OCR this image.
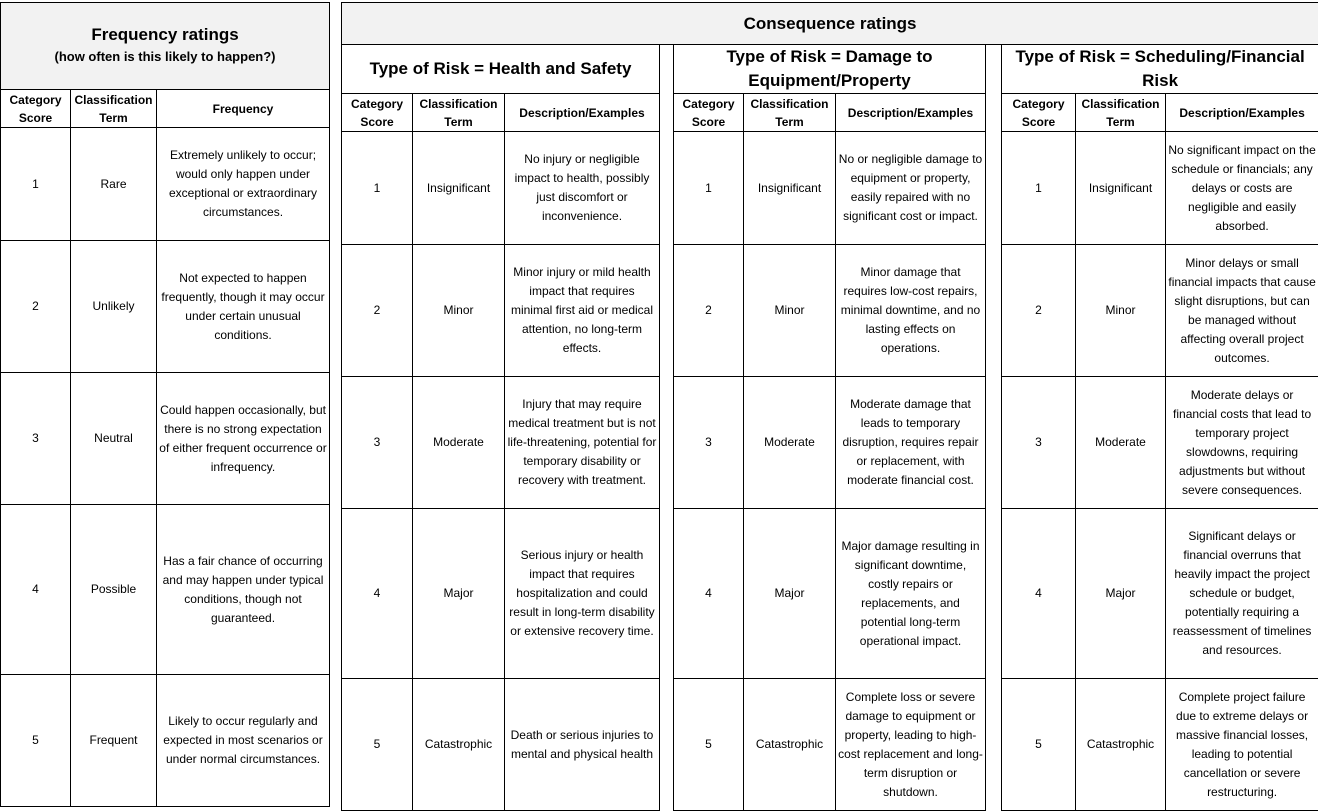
Frequency ratings

(how often is this likely to happen?)		

Category Score	Classification Term	Frequency
1	Rare	Extremely unlikely to occur; would only happen under exceptional or extraordinary circumstances.
2	Unlikely	Not expected to happen frequently, though it may occur under certain unusual conditions.
3	Neutral	Could happen occasionally, but there is no strong expectation of either frequent occurrence or infrequency.
4	Possible	Has a fair chance of occurring and may happen under typical conditions, though not guaranteed.
5	Frequent	Likely to occur regularly and expected in most scenarios or under normal circumstances.
Consequence ratings										
Type of Risk = Health and Safety				Type of Risk = Damage to Equipment/Property				Type of Risk = Scheduling/Financial Risk		
Category Score	Classification Term	Description/Examples		Category Score	Classification Term	Description/Examples		Category Score	Classification Term	Description/Examples
1	Insignificant	No injury or negligible impact to health, possibly just discomfort or inconvenience.		1	Insignificant	No or negligible damage to equipment or property, easily repaired with no significant cost or impact.		1	Insignificant	No significant impact on the schedule or financials; any delays or costs are negligible and easily absorbed.
2	Minor	Minor injury or mild health impact that requires minimal first aid or medical attention, no long-term effects.		2	Minor	Minor damage that requires low-cost repairs, minimal downtime, and no lasting effects on operations.		2	Minor	Minor delays or small financial impacts that cause slight disruptions, but can be managed without affecting overall project outcomes.
3	Moderate	Injury that may require medical treatment but is not life-threatening, potential for temporary disability or recovery with treatment.		3	Moderate	Moderate damage that leads to temporary disruption, requires repair or replacement, with moderate financial cost.		3	Moderate	Moderate delays or financial costs that lead to temporary project slowdowns, requiring adjustments but without severe consequences.
4	Major	Serious injury or health impact that requires hospitalization and could result in long-term disability or extensive recovery time.		4	Major	Major damage resulting in significant downtime, costly repairs or replacements, and potential long-term operational impact.		4	Major	Significant delays or financial overruns that heavily impact the project schedule or budget, potentially requiring a reassessment of timelines and resources.
5	Catastrophic	Death or serious injuries to mental and physical health		5	Catastrophic	Complete loss or severe damage to equipment or property, leading to high-cost replacement and long-term disruption or shutdown.		5	Catastrophic	Complete project failure due to extreme delays or massive financial losses, leading to potential cancellation or severe restructuring.
